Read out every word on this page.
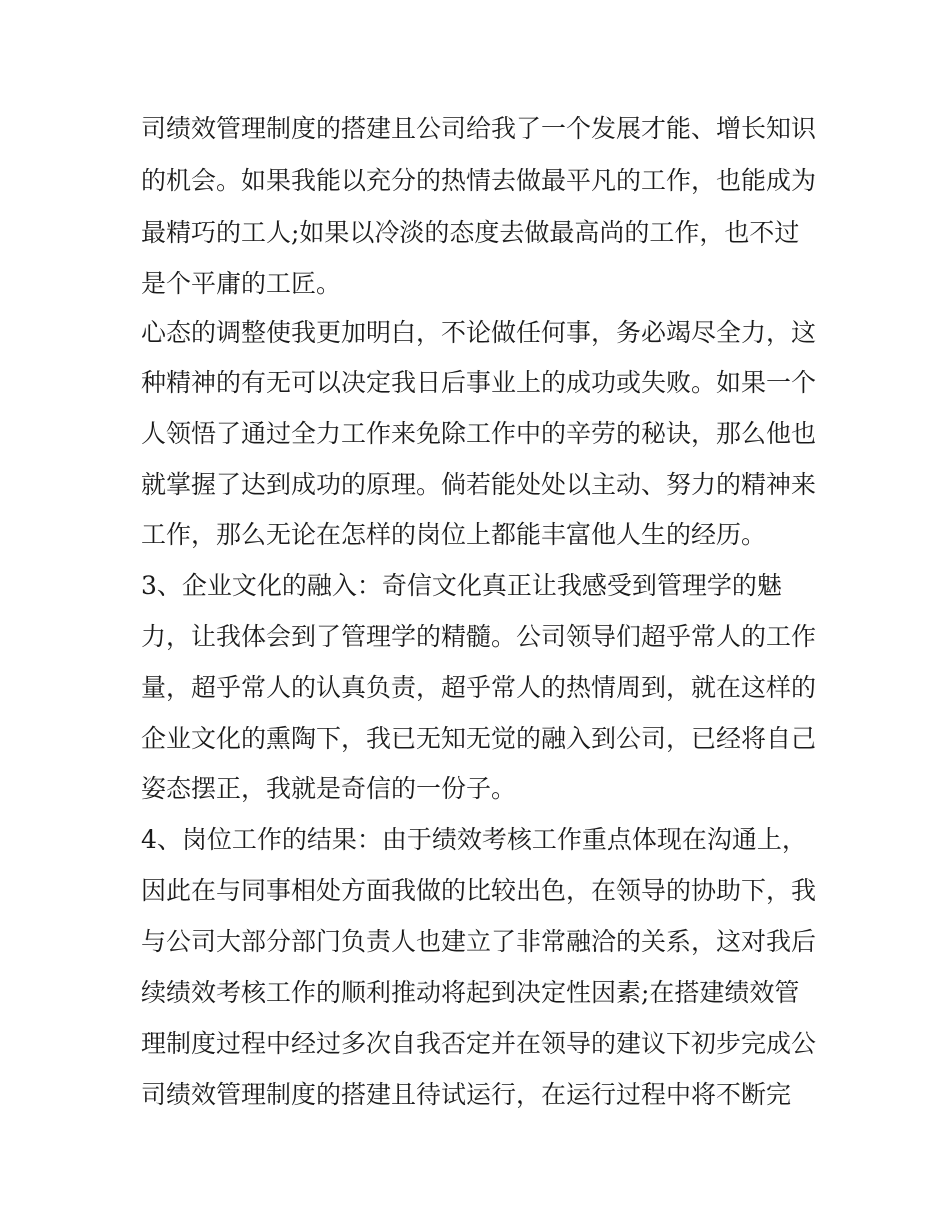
司绩效管理制度的搭建且公司给我了一个发展才能、增长知识
的机会。如果我能以充分的热情去做最平凡的工作，也能成为
最精巧的工人;如果以冷淡的态度去做最高尚的工作，也不过
是个平庸的工匠。
心态的调整使我更加明白，不论做任何事，务必竭尽全力，这
种精神的有无可以决定我日后事业上的成功或失败。如果一个
人领悟了通过全力工作来免除工作中的辛劳的秘诀，那么他也
就掌握了达到成功的原理。倘若能处处以主动、努力的精神来
工作，那么无论在怎样的岗位上都能丰富他人生的经历。
3、企业文化的融入：奇信文化真正让我感受到管理学的魅
力，让我体会到了管理学的精髓。公司领导们超乎常人的工作
量，超乎常人的认真负责，超乎常人的热情周到，就在这样的
企业文化的熏陶下，我已无知无觉的融入到公司，已经将自己
姿态摆正，我就是奇信的一份子。
4、岗位工作的结果：由于绩效考核工作重点体现在沟通上，
因此在与同事相处方面我做的比较出色，在领导的协助下，我
与公司大部分部门负责人也建立了非常融洽的关系，这对我后
续绩效考核工作的顺利推动将起到决定性因素;在搭建绩效管
理制度过程中经过多次自我否定并在领导的建议下初步完成公
司绩效管理制度的搭建且待试运行，在运行过程中将不断完
